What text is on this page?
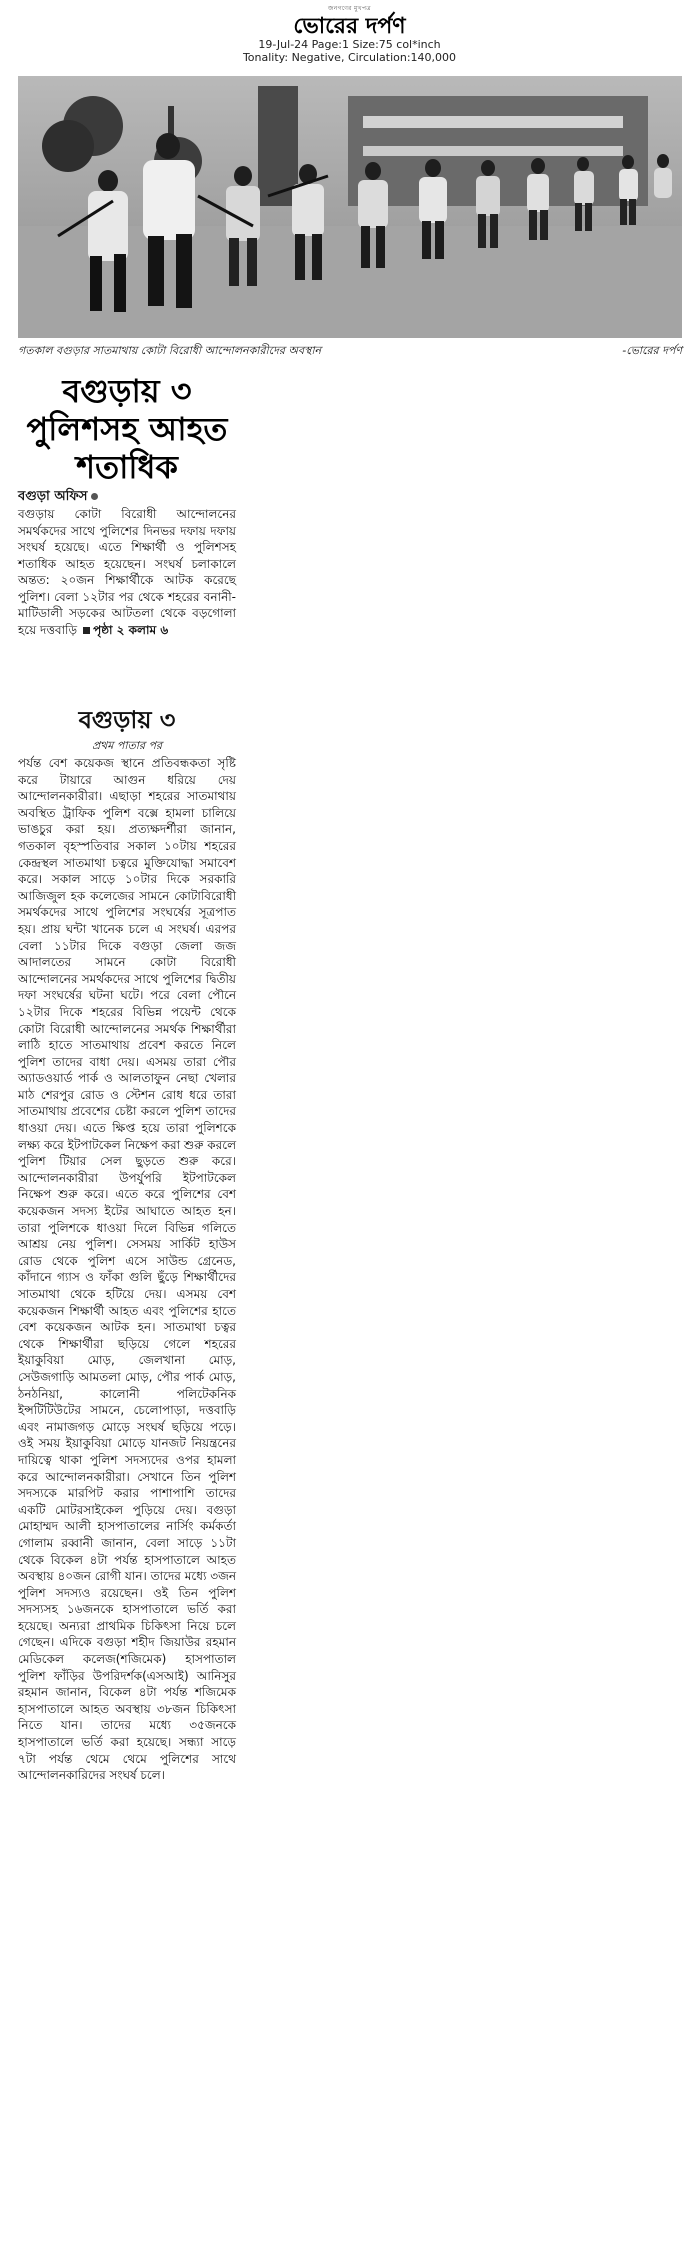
জনগণের মুখপত্র
ভোরের দর্পণ
19-Jul-24 Page:1 Size:75 col*inch
Tonality: Negative, Circulation:140,000
গতকাল বগুড়ার সাতমাথায় কোটা বিরোধী আন্দোলনকারীদের অবস্থান	-ভোরের দর্পণ
বগুড়ায় ৩ পুলিশসহ আহত শতাধিক
বগুড়া অফিস
বগুড়ায় কোটা বিরোধী আন্দোলনের সমর্থকদের সাথে পুলিশের দিনভর দফায় দফায় সংঘর্ষ হয়েছে। এতে শিক্ষার্থী ও পুলিশসহ শতাধিক আহত হয়েছেন। সংঘর্ষ চলাকালে অন্তত: ২০জন শিক্ষার্থীকে আটক করেছে পুলিশ। বেলা ১২টার পর থেকে শহরের বনানী-মাটিডালী সড়কের আটতলা থেকে বড়গোলা হয়ে দত্তবাড়ি পৃষ্ঠা ২ কলাম ৬
বগুড়ায় ৩
প্রথম পাতার পর
পর্যন্ত বেশ কয়েকজ স্থানে প্রতিবন্ধকতা সৃষ্টি করে টায়ারে আগুন ধরিয়ে দেয় আন্দোলনকারীরা। এছাড়া শহরের সাতমাথায় অবস্থিত ট্রাফিক পুলিশ বক্সে হামলা চালিয়ে ভাঙচুর করা হয়। প্রত্যক্ষদর্শীরা জানান, গতকাল বৃহস্পতিবার সকাল ১০টায় শহরের কেন্দ্রস্থল সাতমাথা চত্বরে মুক্তিযোদ্ধা সমাবেশ করে। সকাল সাড়ে ১০টার দিকে সরকারি আজিজুল হক কলেজের সামনে কোটাবিরোধী সমর্থকদের সাথে পুলিশের সংঘর্ষের সূত্রপাত হয়। প্রায় ঘন্টা খানেক চলে এ সংঘর্ষ। এরপর বেলা ১১টার দিকে বগুড়া জেলা জজ আদালতের সামনে কোটা বিরোধী আন্দোলনের সমর্থকদের সাথে পুলিশের দ্বিতীয় দফা সংঘর্ষের ঘটনা ঘটে। পরে বেলা পৌনে ১২টার দিকে শহরের বিভিন্ন পয়েন্ট থেকে কোটা বিরোধী আন্দোলনের সমর্থক শিক্ষার্থীরা লাঠি হাতে সাতমাথায় প্রবেশ করতে নিলে পুলিশ তাদের বাধা দেয়। এসময় তারা পৌর অ্যাডওয়ার্ড পার্ক ও আলতাফুন নেছা খেলার মাঠ শেরপুর রোড ও স্টেশন রোধ ধরে তারা সাতমাথায় প্রবেশের চেষ্টা করলে পুলিশ তাদের ধাওয়া দেয়। এতে ক্ষিপ্ত হয়ে তারা পুলিশকে লক্ষ্য করে ইটপাটকেল নিক্ষেপ করা শুরু করলে পুলিশ টিয়ার সেল ছুড়তে শুরু করে। আন্দোলনকারীরা উপর্যুপরি ইটপাটকেল নিক্ষেপ শুরু করে। এতে করে পুলিশের বেশ কয়েকজন সদস্য ইটের আঘাতে আহত হন। তারা পুলিশকে ধাওয়া দিলে বিভিন্ন গলিতে আশ্রয় নেয় পুলিশ। সেসময় সার্কিট হাউস রোড থেকে পুলিশ এসে সাউন্ড গ্রেনেড, কাঁদানে গ্যাস ও ফাঁকা গুলি ছুঁড়ে শিক্ষার্থীদের সাতমাথা থেকে হটিয়ে দেয়। এসময় বেশ কয়েকজন শিক্ষার্থী আহত এবং পুলিশের হাতে বেশ কয়েকজন আটক হন। সাতমাথা চত্বর থেকে শিক্ষার্থীরা ছড়িয়ে গেলে শহরের ইয়াকুবিয়া মোড়, জেলখানা মোড়, সেউজগাড়ি আমতলা মোড়, পৌর পার্ক মোড়, ঠনঠনিয়া, কালোনী পলিটেকনিক ইন্সটিটিউটের সামনে, চেলোপাড়া, দত্তবাড়ি এবং নামাজগড় মোড়ে সংঘর্ষ ছড়িয়ে পড়ে। ওই সময় ইয়াকুবিয়া মোড়ে যানজট নিয়ন্ত্রনের দায়িত্বে থাকা পুলিশ সদস্যদের ওপর হামলা করে আন্দোলনকারীরা। সেখানে তিন পুলিশ সদস্যকে মারপিট করার পাশাপাশি তাদের একটি মোটরসাইকেল পুড়িয়ে দেয়। বগুড়া মোহাম্মদ আলী হাসপাতালের নার্সিং কর্মকর্তা গোলাম রব্বানী জানান, বেলা সাড়ে ১১টা থেকে বিকেল ৪টা পর্যন্ত হাসপাতালে আহত অবস্থায় ৪০জন রোগী যান। তাদের মধ্যে ৩জন পুলিশ সদস্যও রয়েছেন। ওই তিন পুলিশ সদস্যসহ ১৬জনকে হাসপাতালে ভর্তি করা হয়েছে। অন্যরা প্রাথমিক চিকিৎসা নিয়ে চলে গেছেন। এদিকে বগুড়া শহীদ জিয়াউর রহমান মেডিকেল কলেজ(শজিমেক) হাসপাতাল পুলিশ ফাঁড়ির উপরিদর্শক(এসআই) আনিসুর রহমান জানান, বিকেল ৪টা পর্যন্ত শজিমেক হাসপাতালে আহত অবস্থায় ৩৮জন চিকিৎসা নিতে যান। তাদের মধ্যে ৩৫জনকে হাসপাতালে ভর্তি করা হয়েছে। সন্ধ্যা সাড়ে ৭টা পর্যন্ত থেমে থেমে পুলিশের সাথে আন্দোলনকারিদের সংঘর্ষ চলে।
